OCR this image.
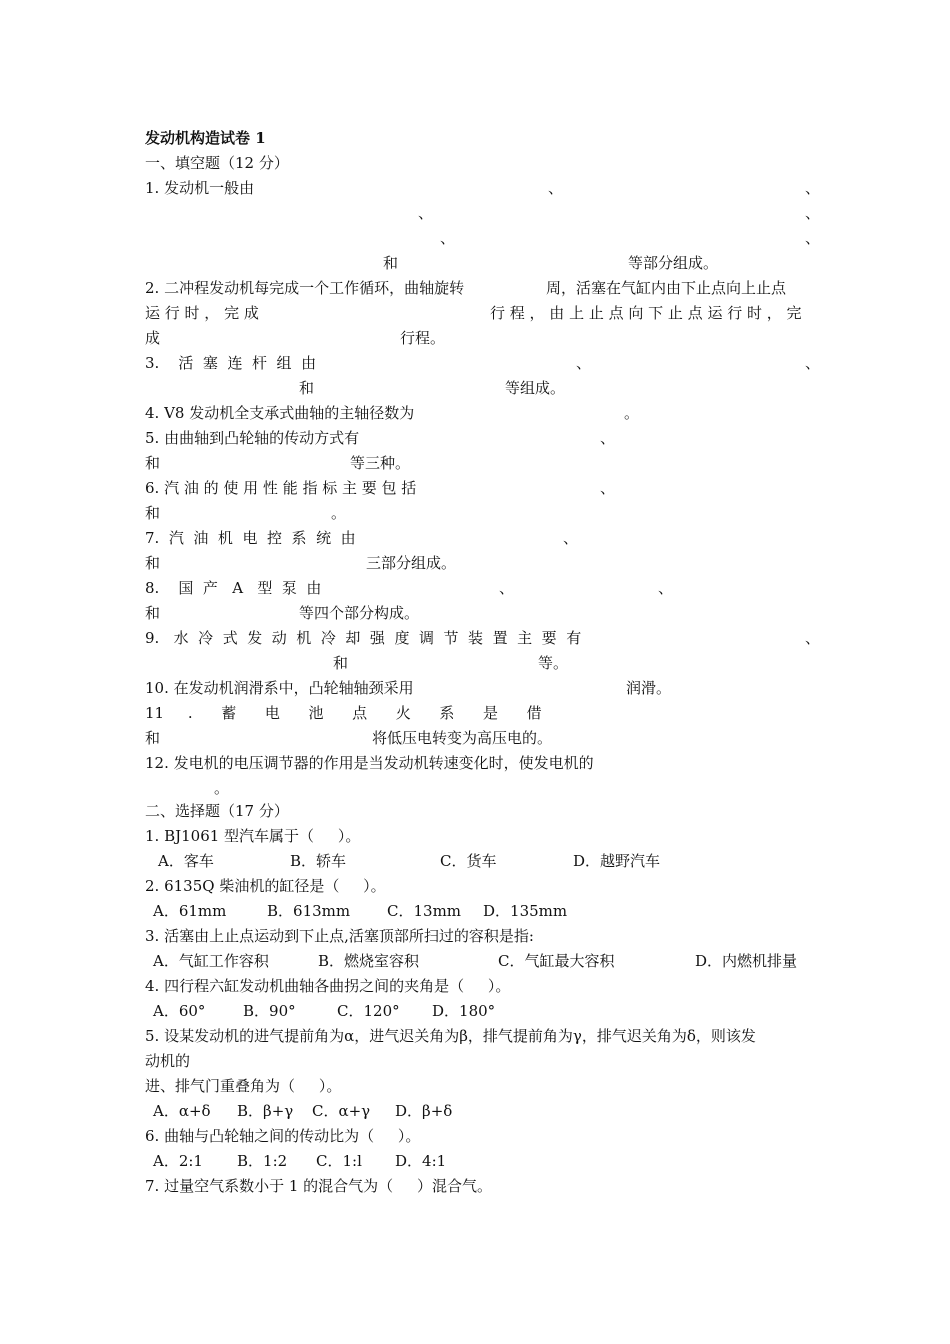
发动机构造试卷 1
一、填空题（12 分）
1. 发动机一般由	、	、
、	、
、	、
和	等部分组成。
2. 二冲程发动机每完成一个工作循环，曲轴旋转	周，活塞在气缸内由下止点向上止点
运 行 时 ， 完 成	行 程 ， 由 上 止 点 向 下 止 点 运 行 时 ， 完
成	行程。
3.    活  塞  连  杆  组  由	、	、
和	等组成。
4. V8 发动机全支承式曲轴的主轴径数为	。
5. 由曲轴到凸轮轴的传动方式有	、
和	等三种。
6. 汽 油 的 使 用 性 能 指 标 主 要 包 括	、
和	。
7.  汽  油  机  电  控  系  统  由	、
和	三部分组成。
8.    国  产   A   型  泵  由	、	、
和	等四个部分构成。
9.   水  冷  式  发  动  机  冷  却  强  度  调  节  装  置  主  要  有	、
和	等。
10. 在发动机润滑系中，凸轮轴轴颈采用	润滑。
11     .      蓄      电      池      点      火      系      是      借
和	将低压电转变为高压电的。
12. 发电机的电压调节器的作用是当发动机转速变化时，使发电机的
。
二、选择题（17 分）
1. BJ1061 型汽车属于（     ）。
A．客车	B．轿车	C．货车	D．越野汽车
2. 6135Q 柴油机的缸径是（     ）。
A．61mm	B．613mm C．13mm D．135mm
3. 活塞由上止点运动到下止点,活塞顶部所扫过的容积是指:
A．气缸工作容积	B．燃烧室容积	C．气缸最大容积	D．内燃机排量
4. 四行程六缸发动机曲轴各曲拐之间的夹角是（     ）。
A．60°	B．90°	C．120° D．180°
5. 设某发动机的进气提前角为α，进气迟关角为β，排气提前角为γ，排气迟关角为δ，则该发
动机的
进、排气门重叠角为（     ）。
A．α+δ B．β+γ C．α+γ D．β+δ
6. 曲轴与凸轮轴之间的传动比为（     ）。
A．2:1 B．1:2 C．1:l D．4:1
7. 过量空气系数小于 1 的混合气为（     ）混合气。
